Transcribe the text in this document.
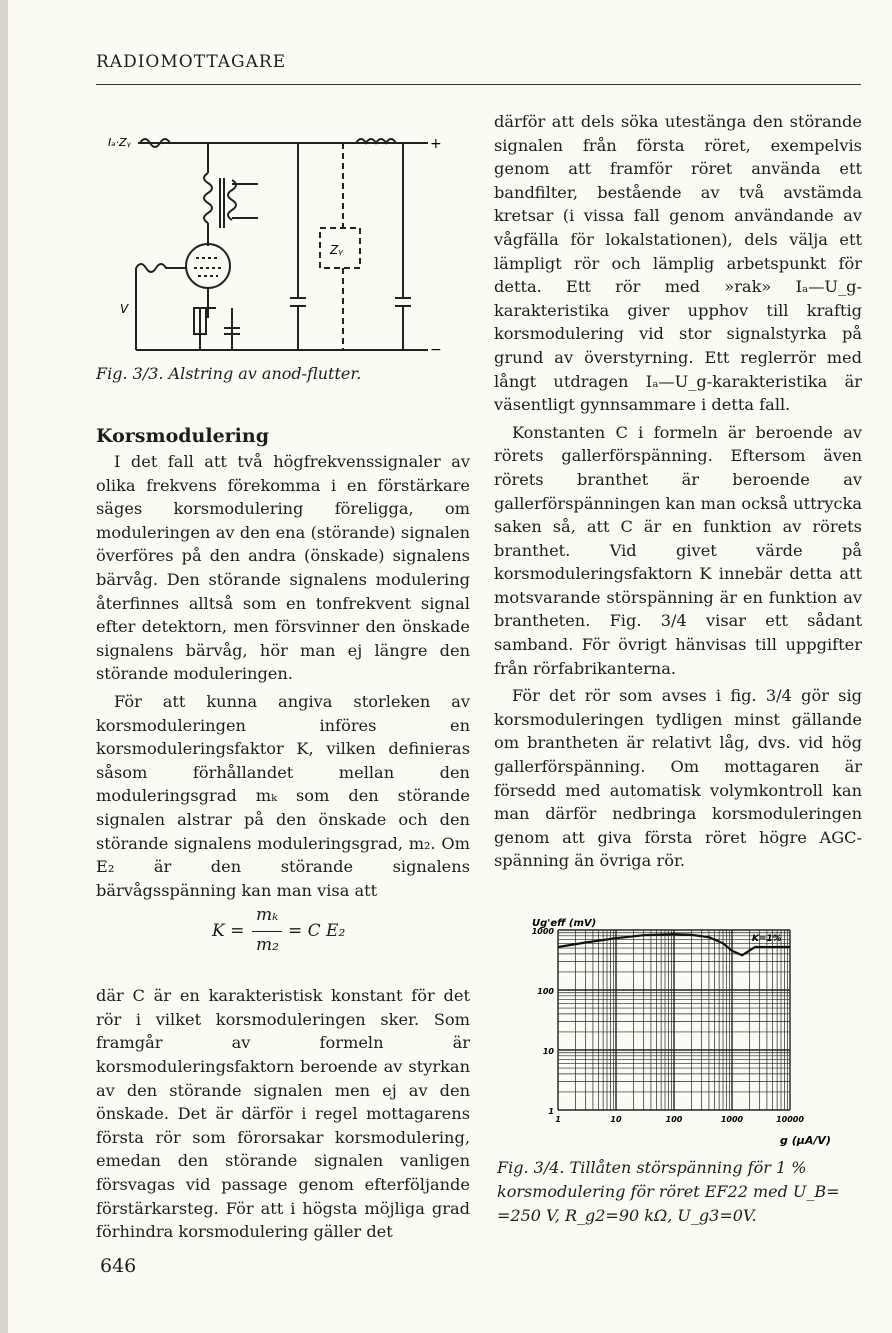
RADIOMOTTAGARE
Iₐ·Zᵧ
V
Zᵧ
+
−
Fig. 3/3. Alstring av anod-flutter.
Korsmodulering

I det fall att två högfrekvenssignaler av olika frekvens förekomma i en förstärkare säges korsmodulering föreligga, om moduleringen av den ena (störande) signalen överföres på den andra (önskade) signalens bärvåg. Den störande signalens modulering återfinnes alltså som en tonfrekvent signal efter detektorn, men försvinner den önskade signalens bärvåg, hör man ej längre den störande moduleringen.

För att kunna angiva storleken av korsmoduleringen införes en korsmoduleringsfaktor K, vilken definieras såsom förhållandet mellan den moduleringsgrad mₖ som den störande signalen alstrar på den önskade och den störande signalens moduleringsgrad, m₂. Om E₂ är den störande signalens bärvågsspänning kan man visa att

där C är en karakteristisk konstant för det rör i vilket korsmoduleringen sker. Som framgår av formeln är korsmoduleringsfaktorn beroende av styrkan av den störande signalen men ej av den önskade. Det är därför i regel mottagarens första rör som förorsakar korsmodulering, emedan den störande signalen vanligen försvagas vid passage genom efterföljande förstärkarsteg. För att i högsta möjliga grad förhindra korsmodulering gäller det

K =
mₖ
m₂
= C E₂

därför att dels söka utestänga den störande signalen från första röret, exempelvis genom att framför röret använda ett bandfilter, bestående av två avstämda kretsar (i vissa fall genom användande av vågfälla för lokalstationen), dels välja ett lämpligt rör och lämplig arbetspunkt för detta. Ett rör med »rak» Iₐ—U_g-karakteristika giver upphov till kraftig korsmodulering vid stor signalstyrka på grund av överstyrning. Ett reglerrör med långt utdragen Iₐ—U_g-karakteristika är väsentligt gynnsammare i detta fall.

Konstanten C i formeln är beroende av rörets gallerförspänning. Eftersom även rörets branthet är beroende av gallerförspänningen kan man också uttrycka saken så, att C är en funktion av rörets branthet. Vid givet värde på korsmoduleringsfaktorn K innebär detta att motsvarande störspänning är en funktion av brantheten. Fig. 3/4 visar ett sådant samband. För övrigt hänvisas till uppgifter från rörfabrikanterna.

För det rör som avses i fig. 3/4 gör sig korsmoduleringen tydligen minst gällande om brantheten är relativt låg, dvs. vid hög gallerförspänning. Om mottagaren är försedd med automatisk volymkontroll kan man därför nedbringa korsmoduleringen genom att giva första röret högre AGC-spänning än övriga rör.

Ug'eff (mV)
g (μA/V)
1000
100
10
1
1	10	100	1000	10000
K=1%
Fig. 3/4. Tillåten störspänning för 1 %
korsmodulering för röret EF22 med U_B=
=250 V, R_g2=90 kΩ, U_g3=0V.
646
